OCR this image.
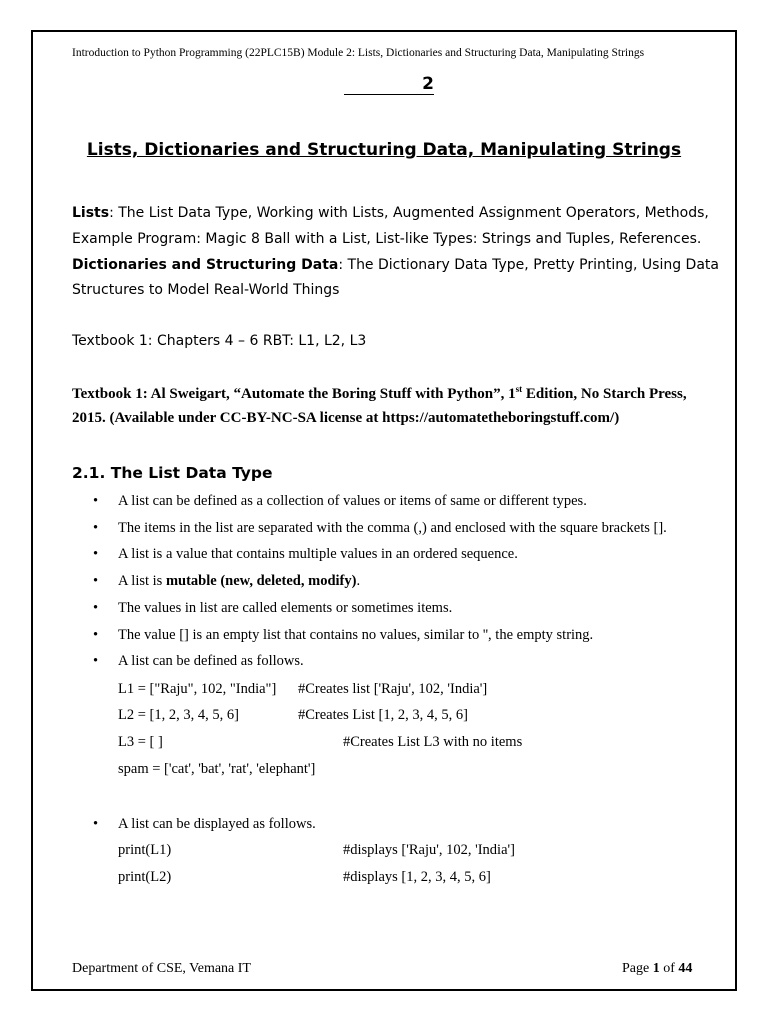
Introduction to Python Programming (22PLC15B) Module 2: Lists, Dictionaries and Structuring Data, Manipulating Strings
2
Lists, Dictionaries and Structuring Data, Manipulating Strings
Lists: The List Data Type, Working with Lists, Augmented Assignment Operators, Methods,
Example Program: Magic 8 Ball with a List, List-like Types: Strings and Tuples, References.
Dictionaries and Structuring Data: The Dictionary Data Type, Pretty Printing, Using Data
Structures to Model Real-World Things
Textbook 1: Chapters 4 – 6 RBT: L1, L2, L3
Textbook 1: Al Sweigart, “Automate the Boring Stuff with Python”, 1st Edition, No Starch Press,
2015. (Available under CC-BY-NC-SA license at https://automatetheboringstuff.com/)
2.1. The List Data Type
• A list can be defined as a collection of values or items of same or different types.
• The items in the list are separated with the comma (,) and enclosed with the square brackets [].
• A list is a value that contains multiple values in an ordered sequence.
• A list is mutable (new, deleted, modify).
• The values in list are called elements or sometimes items.
• The value [] is an empty list that contains no values, similar to '', the empty string.
• A list can be defined as follows.
L1 = ["Raju", 102, "India"] #Creates list ['Raju', 102, 'India']
L2 = [1, 2, 3, 4, 5, 6]	#Creates List [1, 2, 3, 4, 5, 6]
L3 = [ ]	#Creates List L3 with no items
spam = ['cat', 'bat', 'rat', 'elephant']
• A list can be displayed as follows.
print(L1)	#displays ['Raju', 102, 'India']
print(L2)	#displays [1, 2, 3, 4, 5, 6]
Department of CSE, Vemana IT	Page 1 of 44
